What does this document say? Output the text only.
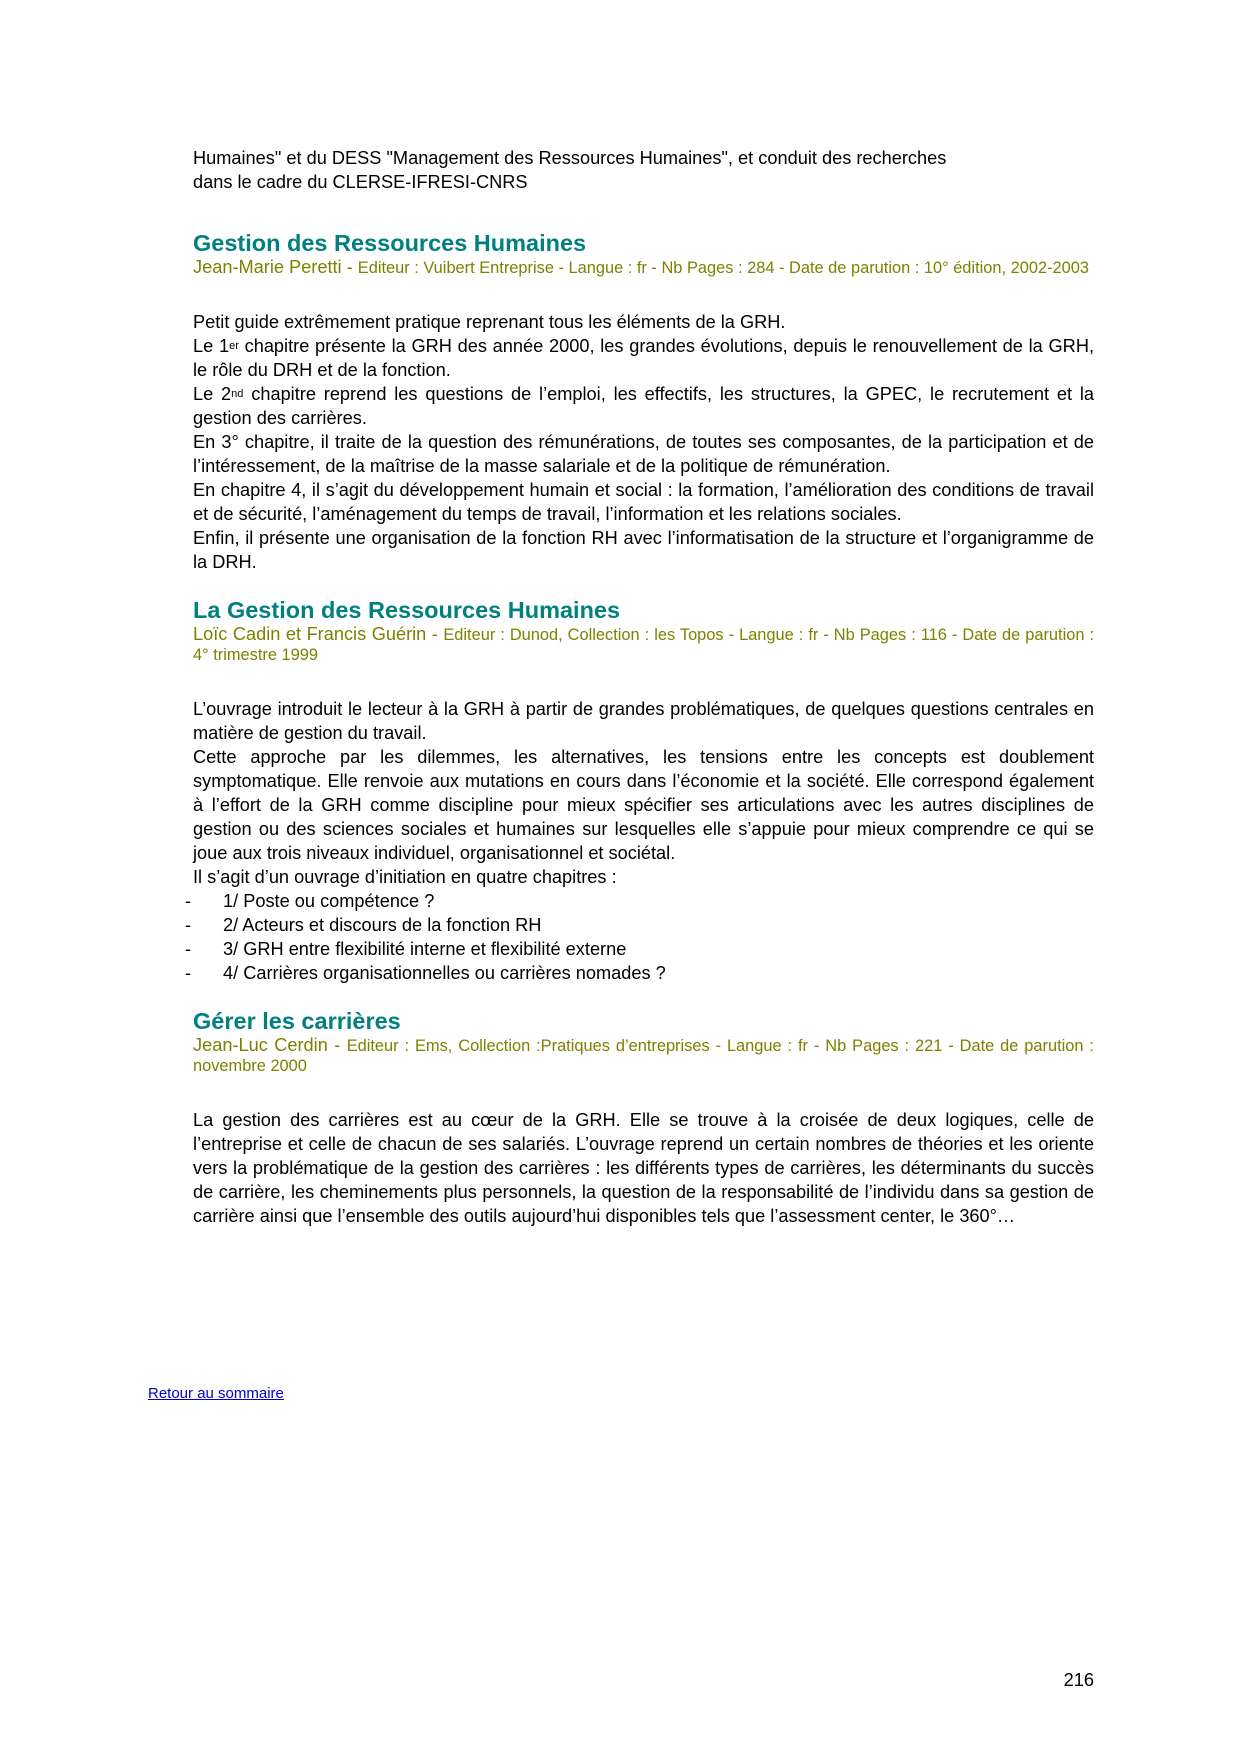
Humaines" et du DESS "Management des Ressources Humaines", et conduit des recherches
dans le cadre du CLERSE-IFRESI-CNRS

Gestion des Ressources Humaines

Jean-Marie Peretti - Editeur : Vuibert Entreprise - Langue : fr - Nb Pages : 284 - Date de parution : 10° édition, 2002-2003

Petit guide extrêmement pratique reprenant tous les éléments de la GRH.

Le 1er chapitre présente la GRH des année 2000, les grandes évolutions, depuis le renouvellement de la GRH, le rôle du DRH et de la fonction.

Le 2nd chapitre reprend les questions de l’emploi, les effectifs, les structures, la GPEC, le recrutement et la gestion des carrières.

En 3° chapitre, il traite de la question des rémunérations, de toutes ses composantes, de la participation et de l’intéressement, de la maîtrise de la masse salariale et de la politique de rémunération.

En chapitre 4, il s’agit du développement humain et social : la formation, l’amélioration des conditions de travail et de sécurité, l’aménagement du temps de travail, l’information et les relations sociales.

Enfin, il présente une organisation de la fonction RH avec l’informatisation de la structure et l’organigramme de la DRH.

La Gestion des Ressources Humaines

Loïc Cadin et Francis Guérin - Editeur : Dunod, Collection : les Topos - Langue : fr - Nb Pages : 116 - Date de parution : 4° trimestre 1999

L’ouvrage introduit le lecteur à la GRH à partir de grandes problématiques, de quelques questions centrales en matière de gestion du travail.

Cette approche par les dilemmes, les alternatives, les tensions entre les concepts est doublement symptomatique. Elle renvoie aux mutations en cours dans l’économie et la société. Elle correspond également à l’effort de la GRH comme discipline pour mieux spécifier ses articulations avec les autres disciplines de gestion ou des sciences sociales et humaines sur lesquelles elle s’appuie pour mieux comprendre ce qui se joue aux trois niveaux individuel, organisationnel et sociétal.

Il s’agit d’un ouvrage d’initiation en quatre chapitres :

- 1/ Poste ou compétence ?
- 2/ Acteurs et discours de la fonction RH
- 3/ GRH entre flexibilité interne et flexibilité externe
- 4/ Carrières organisationnelles ou carrières nomades ?
Gérer les carrières

Jean-Luc Cerdin - Editeur : Ems, Collection :Pratiques d’entreprises - Langue : fr - Nb Pages : 221 - Date de parution : novembre 2000

La gestion des carrières est au cœur de la GRH. Elle se trouve à la croisée de deux logiques, celle de l’entreprise et celle de chacun de ses salariés. L’ouvrage reprend un certain nombres de théories et les oriente vers la problématique de la gestion des carrières : les différents types de carrières, les déterminants du succès de carrière, les cheminements plus personnels, la question de la responsabilité de l’individu dans sa gestion de carrière ainsi que l’ensemble des outils aujourd’hui disponibles tels que l’assessment center, le 360°…

Retour au sommaire
216
